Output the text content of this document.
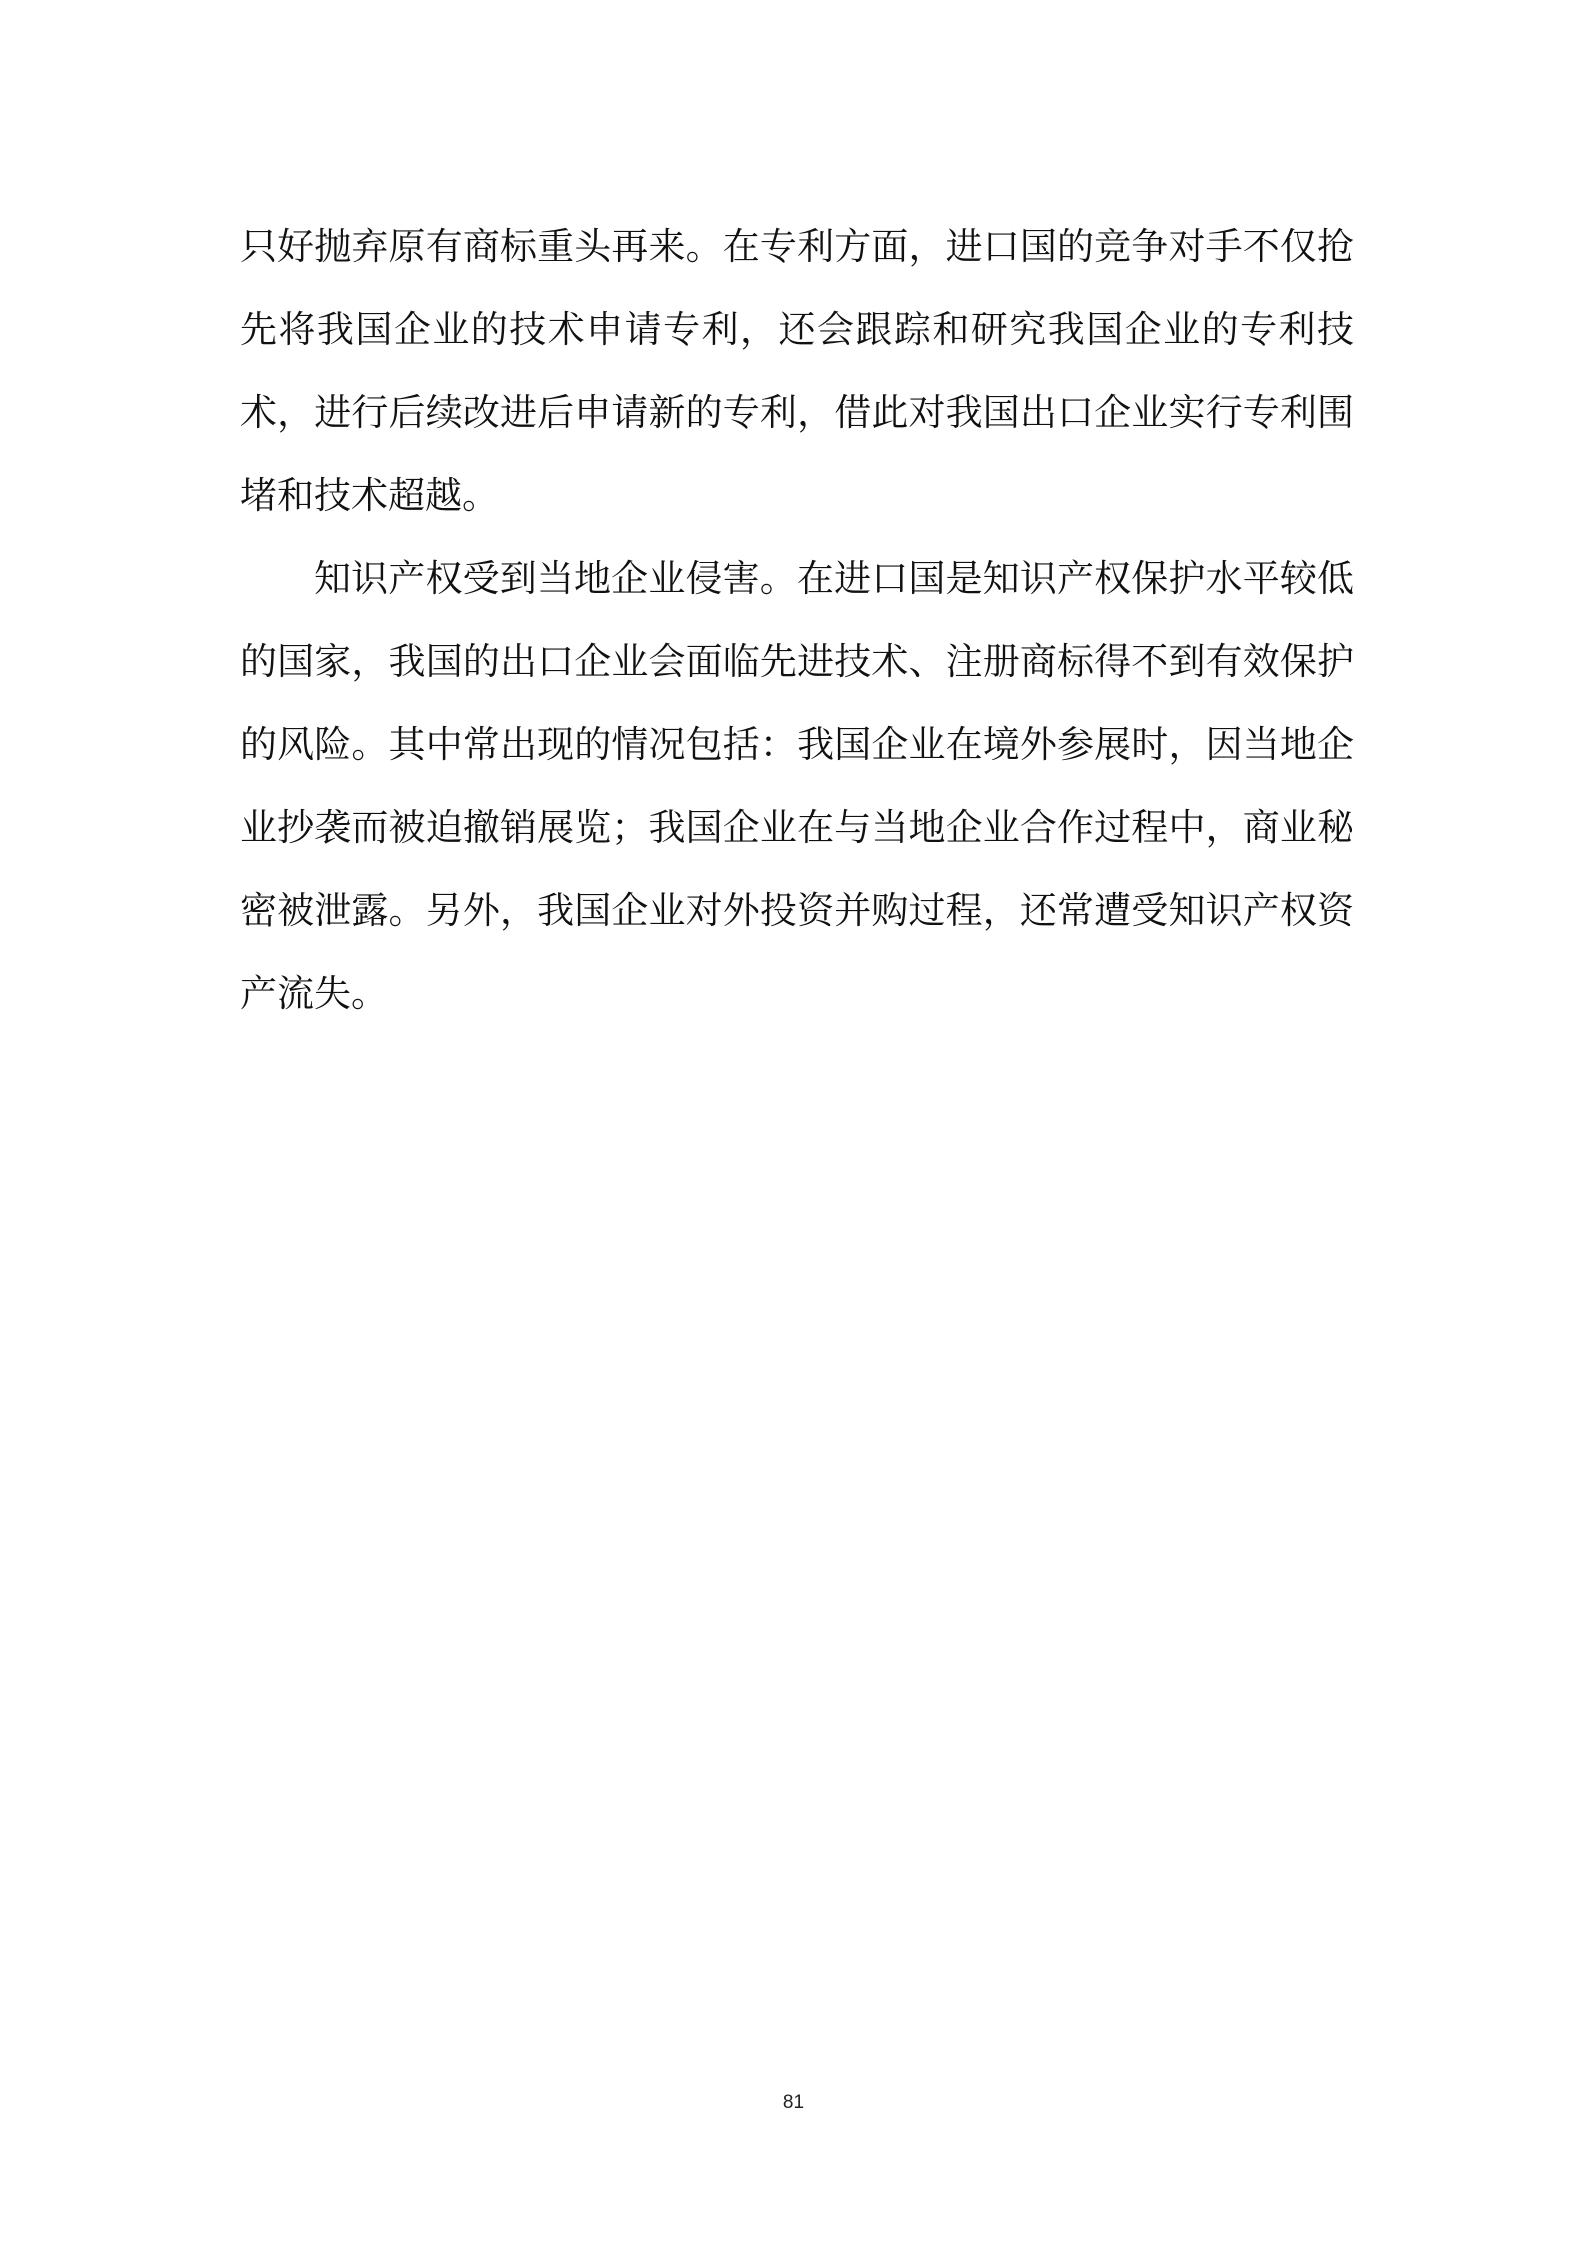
只好抛弃原有商标重头再来。在专利方面，进口国的竞争对手不仅抢
先将我国企业的技术申请专利，还会跟踪和研究我国企业的专利技
术，进行后续改进后申请新的专利，借此对我国出口企业实行专利围
堵和技术超越。
知识产权受到当地企业侵害。在进口国是知识产权保护水平较低
的国家，我国的出口企业会面临先进技术、注册商标得不到有效保护
的风险。其中常出现的情况包括：我国企业在境外参展时，因当地企
业抄袭而被迫撤销展览；我国企业在与当地企业合作过程中，商业秘
密被泄露。另外，我国企业对外投资并购过程，还常遭受知识产权资
产流失。
81
